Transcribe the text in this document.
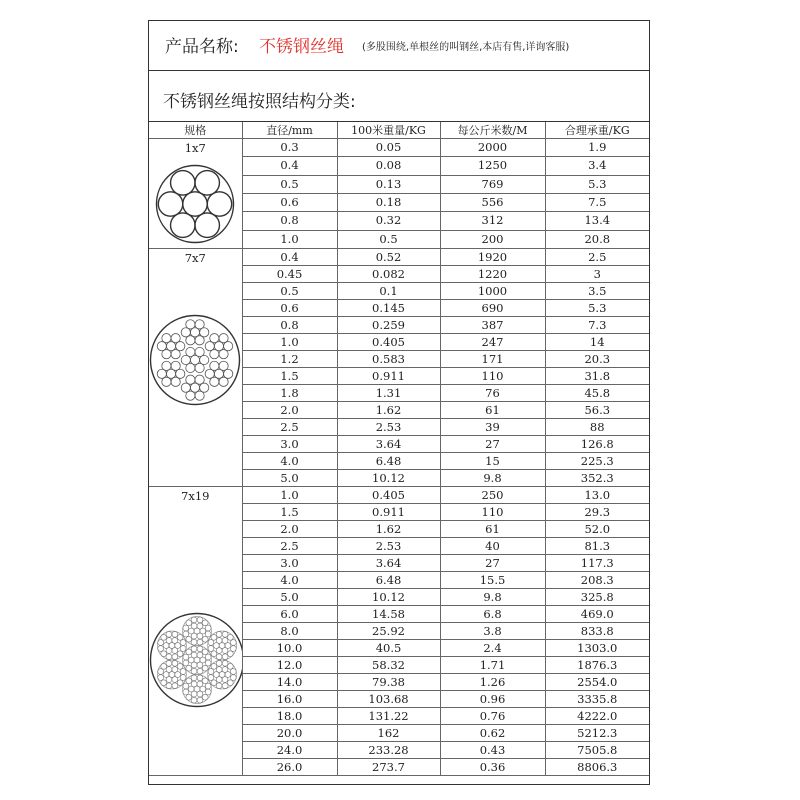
产品名称: 不锈钢丝绳 (多股围绕,单根丝的叫钢丝,本店有售,详询客服)
不锈钢丝绳按照结构分类:
规格	直径/mm	100米重量/KG	每公斤米数/M	合理承重/KG

1x7	0.3	0.05	2000	1.9
	0.4	0.08	1250	3.4
	0.5	0.13	769	5.3
	0.6	0.18	556	7.5
	0.8	0.32	312	13.4
	1.0	0.5	200	20.8

7x7	0.4	0.52	1920	2.5
	0.45	0.082	1220	3
	0.5	0.1	1000	3.5
	0.6	0.145	690	5.3
	0.8	0.259	387	7.3
	1.0	0.405	247	14
	1.2	0.583	171	20.3
	1.5	0.911	110	31.8
	1.8	1.31	76	45.8
	2.0	1.62	61	56.3
	2.5	2.53	39	88
	3.0	3.64	27	126.8
	4.0	6.48	15	225.3
	5.0	10.12	9.8	352.3

7x19	1.0	0.405	250	13.0
	1.5	0.911	110	29.3
	2.0	1.62	61	52.0
	2.5	2.53	40	81.3
	3.0	3.64	27	117.3
	4.0	6.48	15.5	208.3
	5.0	10.12	9.8	325.8
	6.0	14.58	6.8	469.0
	8.0	25.92	3.8	833.8
	10.0	40.5	2.4	1303.0
	12.0	58.32	1.71	1876.3
	14.0	79.38	1.26	2554.0
	16.0	103.68	0.96	3335.8
	18.0	131.22	0.76	4222.0
	20.0	162	0.62	5212.3
	24.0	233.28	0.43	7505.8
	26.0	273.7	0.36	8806.3
